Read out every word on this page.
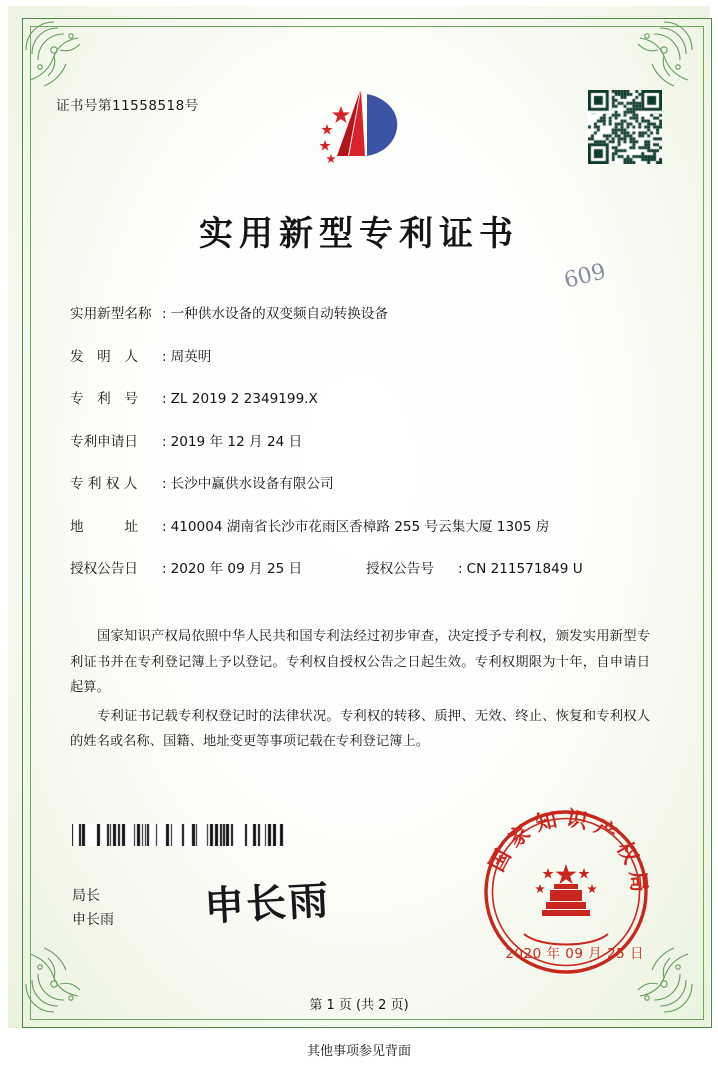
证书号第11558518号
实用新型专利证书
609
实用新型名称 : 一种供水设备的双变频自动转换设备
发　明　人	: 周英明
专　利　号	: ZL 2019 2 2349199.X
专利申请日	: 2019 年 12 月 24 日
专 利 权 人	: 长沙中赢供水设备有限公司
地　　　址	: 410004 湖南省长沙市花雨区香樟路 255 号云集大厦 1305 房
授权公告日	: 2020 年 09 月 25 日	授权公告号	: CN 211571849 U

国家知识产权局依照中华人民共和国专利法经过初步审查，决定授予专利权，颁发实用新型专利证书并在专利登记簿上予以登记。专利权自授权公告之日起生效。专利权期限为十年，自申请日起算。

专利证书记载专利权登记时的法律状况。专利权的转移、质押、无效、终止、恢复和专利权人的姓名或名称、国籍、地址变更等事项记载在专利登记簿上。

局长
申长雨 申长雨
国家知识产权局
2020 年 09 月 25 日
第 1 页 (共 2 页)
其他事项参见背面
